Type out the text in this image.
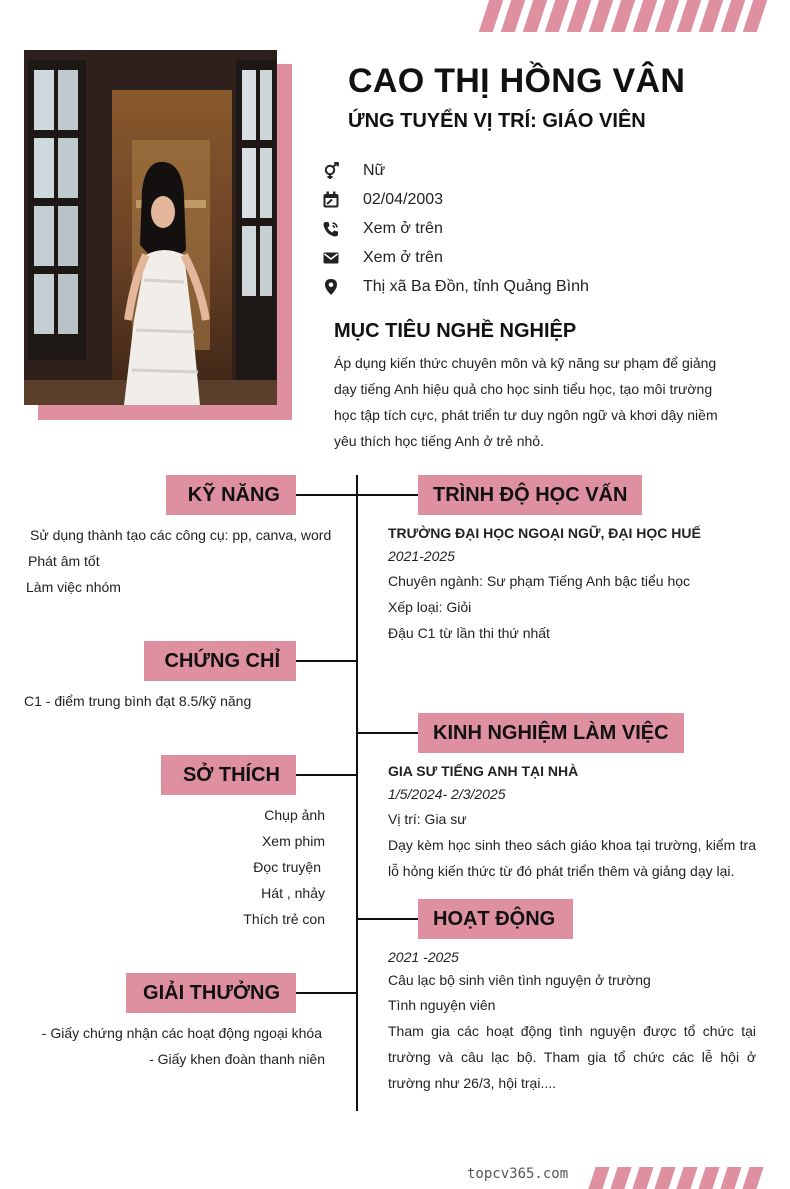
CAO THỊ HỒNG VÂN
ỨNG TUYỂN VỊ TRÍ: GIÁO VIÊN
Nữ
02/04/2003
Xem ở trên
Xem ở trên
Thị xã Ba Đồn, tỉnh Quảng Bình
MỤC TIÊU NGHỀ NGHIỆP
Áp dụng kiến thức chuyên môn và kỹ năng sư phạm để giảng dạy tiếng Anh hiệu quả cho học sinh tiểu học, tạo môi trường học tập tích cực, phát triển tư duy ngôn ngữ và khơi dậy niềm yêu thích học tiếng Anh ở trẻ nhỏ.
KỸ NĂNG
Sử dụng thành tạo các công cụ: pp, canva, word
Phát âm tốt
Làm việc nhóm
CHỨNG CHỈ
C1 - điểm trung bình đạt 8.5/kỹ năng
SỞ THÍCH
Chụp ảnh
Xem phim
Đọc truyện
Hát , nhảy
Thích trẻ con
GIẢI THƯỞNG
- Giấy chứng nhận các hoạt động ngoại khóa
- Giấy khen đoàn thanh niên
TRÌNH ĐỘ HỌC VẤN
TRƯỜNG ĐẠI HỌC NGOẠI NGỮ, ĐẠI HỌC HUẾ
2021-2025
Chuyên ngành: Sư phạm Tiếng Anh bậc tiểu học
Xếp loại: Giỏi
Đậu C1 từ lần thi thứ nhất
KINH NGHIỆM LÀM VIỆC
GIA SƯ TIẾNG ANH TẠI NHÀ
1/5/2024- 2/3/2025
Vị trí: Gia sư
Dạy kèm học sinh theo sách giáo khoa tại trường, kiểm tra lỗ hỏng kiến thức từ đó phát triển thêm và giảng dạy lại.
HOẠT ĐỘNG
2021 -2025
Câu lạc bộ sinh viên tình nguyện ở trường
Tình nguyện viên
Tham gia các hoạt động tình nguyện được tổ chức tại trường và câu lạc bộ. Tham gia tổ chức các lễ hội ở trường như 26/3, hội trại....
topcv365.com
